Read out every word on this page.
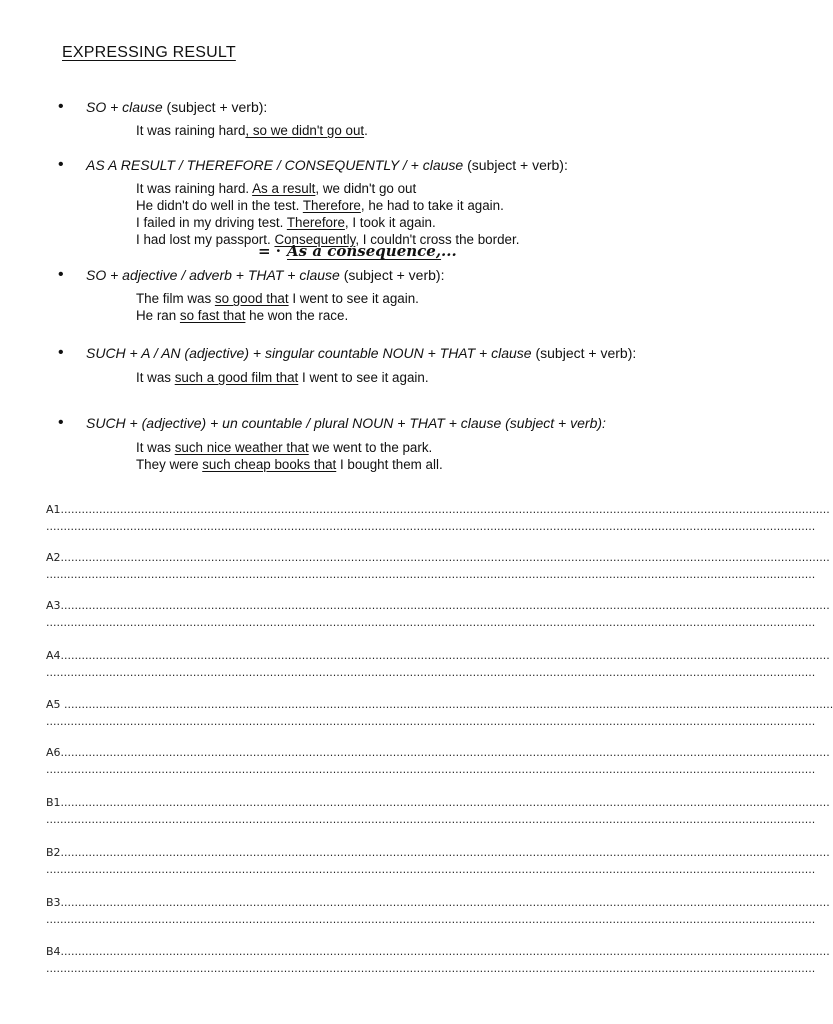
EXPRESSING RESULT
• SO + clause (subject + verb):
It was raining hard, so we didn't go out.
• AS A RESULT / THEREFORE / CONSEQUENTLY / + clause (subject + verb):
It was raining hard. As a result, we didn't go out
He didn't do well in the test. Therefore, he had to take it again.
I failed in my driving test. Therefore, I took it again.
I had lost my passport. Consequently, I couldn't cross the border.
• SO + adjective / adverb + THAT + clause (subject + verb):
The film was so good that I went to see it again.
He ran so fast that he won the race.
• SUCH + A / AN (adjective) + singular countable NOUN + THAT + clause (subject + verb):
It was such a good film that I went to see it again.
• SUCH + (adjective) + un countable / plural NOUN + THAT + clause (subject + verb):
It was such nice weather that we went to the park.
They were such cheap books that I bought them all.
= · As a consequence,...
A1............................................................................................................................................................................................................................
............................................................................................................................................................................................................................
A2............................................................................................................................................................................................................................
............................................................................................................................................................................................................................
A3............................................................................................................................................................................................................................
............................................................................................................................................................................................................................
A4............................................................................................................................................................................................................................
............................................................................................................................................................................................................................
A5 ............................................................................................................................................................................................................................
............................................................................................................................................................................................................................
A6............................................................................................................................................................................................................................
............................................................................................................................................................................................................................
B1............................................................................................................................................................................................................................
............................................................................................................................................................................................................................
B2............................................................................................................................................................................................................................
............................................................................................................................................................................................................................
B3............................................................................................................................................................................................................................
............................................................................................................................................................................................................................
B4............................................................................................................................................................................................................................
............................................................................................................................................................................................................................
